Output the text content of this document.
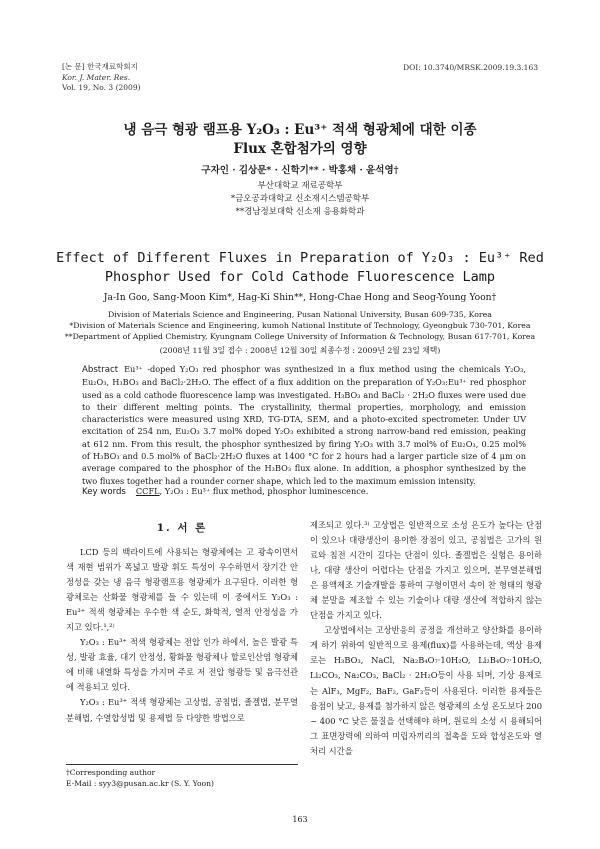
[논 문] 한국재료학회지
Kor. J. Mater. Res.
Vol. 19, No. 3 (2009)
DOI: 10.3740/MRSK.2009.19.3.163
냉 음극 형광 램프용 Y₂O₃ : Eu³⁺ 적색 형광체에 대한 이종
Flux 혼합첨가의 영향
구자인 · 김상문* · 신학기** · 박홍채 · 윤석영†
부산대학교 재료공학부
*금오공과대학교 신소재시스템공학부
**경남정보대학 신소재 응용화학과
Effect of Different Fluxes in Preparation of Y₂O₃ : Eu³⁺ Red
Phosphor Used for Cold Cathode Fluorescence Lamp
Ja-In Goo, Sang-Moon Kim*, Hag-Ki Shin**, Hong-Chae Hong and Seog-Young Yoon†
Division of Materials Science and Engineering, Pusan National University, Busan 609-735, Korea
*Division of Materials Science and Engineering, kumoh National Institute of Technology, Gyeongbuk 730-701, Korea
**Department of Applied Chemistry, Kyungnam College University of Information & Technology, Busan 617-701, Korea
(2008년 11월 3일 접수 : 2008년 12월 30일 최종수정 : 2009년 2월 23일 채택)
Abstract Eu³⁺ -doped Y₂O₃ red phosphor was synthesized in a flux method using the chemicals Y₂O₃, Eu₂O₃, H₃BO₃ and BaCl₂·2H₂O. The effect of a flux addition on the preparation of Y₂O₃:Eu³⁺ red phosphor used as a cold cathode fluorescence lamp was investigated. H₃BO₃ and BaCl₂ · 2H₂O fluxes were used due to their different melting points. The crystallinity, thermal properties, morphology, and emission characteristics were measured using XRD, TG-DTA, SEM, and a photo-excited spectrometer. Under UV excitation of 254 nm, Eu₂O₃ 3.7 mol% doped Y₂O₃ exhibited a strong narrow-band red emission, peaking at 612 nm. From this result, the phosphor synthesized by firing Y₂O₃ with 3.7 mol% of Eu₂O₃, 0.25 mol% of H₃BO₃ and 0.5 mol% of BaCl₂·2H₂O fluxes at 1400 °C for 2 hours had a larger particle size of 4 μm on average compared to the phosphor of the H₃BO₃ flux alone. In addition, a phosphor synthesized by the two fluxes together had a rounder corner shape, which led to the maximum emission intensity.
Key words CCFL, Y₂O₃ : Eu³⁺ flux method, phosphor luminescence.
1. 서 론

LCD 등의 백라이트에 사용되는 형광체에는 고 광속이면서 색 재현 범위가 폭넓고 발광 휘도 특성이 우수하면서 장기간 안정성을 갖는 냉 음극 형광램프용 형광체가 요구된다. 이러한 형광체로는 산화물 형광체를 들 수 있는데 이 중에서도 Y₂O₃ : Eu³⁺ 적색 형광체는 우수한 색 순도, 화학적, 열적 안정성을 가지고 있다.¹,²⁾

Y₂O₃ : Eu³⁺ 적색 형광체는 전압 인가 하에서, 높은 발광 특성, 발광 효율, 대기 안정성, 황화물 형광체나 할로인산염 형광체에 비해 내열화 특성을 가지며 주로 저 전압 형광등 및 음극선관에 적용되고 있다.

Y₂O₃ : Eu³⁺ 적색 형광체는 고상법, 공침법, 졸겔법, 분무열분해법, 수열합성법 및 용제법 등 다양한 방법으로

제조되고 있다.³⁾ 고상법은 일반적으로 소성 온도가 높다는 단점이 있으나 대량생산이 용이한 장점이 있고, 공침법은 고가의 원료와 침전 시간이 길다는 단점이 있다. 졸겔법은 실험은 용이하나, 대량 생산이 어렵다는 단점을 가지고 있으며, 분무열분해법은 용액제조 기술개발을 통하여 구형이면서 속이 찬 형태의 형광체 분말을 제조할 수 있는 기술이나 대량 생산에 적합하지 않는 단점을 가지고 있다.

고상법에서는 고상반응의 공정을 개선하고 양산화를 용이하게 하기 위하여 일반적으로 용제(flux)를 사용하는데, 액상 용제로는 H₃BO₃, NaCl, Na₂B₄O₇·10H₂O, Li₂B₄O₇·10H₂O, Li₂CO₃, Na₂CO₃, BaCl₂ · 2H₂O등이 사용 되며, 기상 용제로는 AlF₃, MgF₂, BaF₂, GaF₃등이 사용된다. 이러한 용제들은 융점이 낮고, 용제를 첨가하지 않은 형광체의 소성 온도보다 200 ~ 400 °C 낮은 물질을 선택해야 하며, 원료의 소성 시 용해되어 그 표면장력에 의하여 미립자끼리의 접촉을 도와 합성온도와 열처리 시간을

†Corresponding author
E-Mail : syy3@pusan.ac.kr (S. Y. Yoon)
163
